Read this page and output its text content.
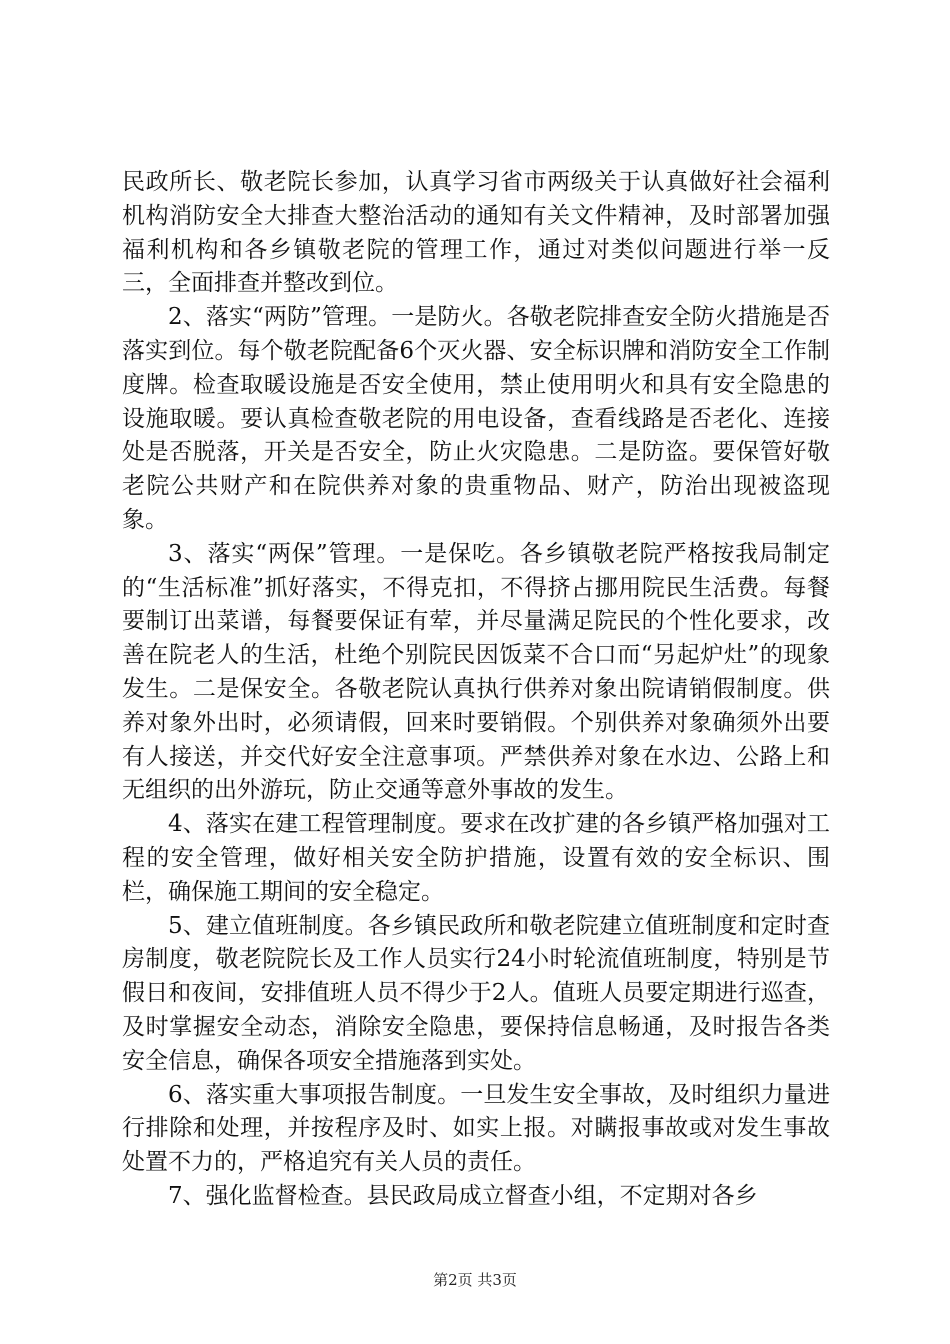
民政所长、敬老院长参加，认真学习省市两级关于认真做好社会福利机构消防安全大排查大整治活动的通知有关文件精神，及时部署加强福利机构和各乡镇敬老院的管理工作，通过对类似问题进行举一反三，全面排查并整改到位。

2、落实“两防”管理。一是防火。各敬老院排查安全防火措施是否落实到位。每个敬老院配备6个灭火器、安全标识牌和消防安全工作制度牌。检查取暖设施是否安全使用，禁止使用明火和具有安全隐患的设施取暖。要认真检查敬老院的用电设备，查看线路是否老化、连接处是否脱落，开关是否安全，防止火灾隐患。二是防盗。要保管好敬老院公共财产和在院供养对象的贵重物品、财产，防治出现被盗现象。

3、落实“两保”管理。一是保吃。各乡镇敬老院严格按我局制定的“生活标准”抓好落实，不得克扣，不得挤占挪用院民生活费。每餐要制订出菜谱，每餐要保证有荤，并尽量满足院民的个性化要求，改善在院老人的生活，杜绝个别院民因饭菜不合口而“另起炉灶”的现象发生。二是保安全。各敬老院认真执行供养对象出院请销假制度。供养对象外出时，必须请假，回来时要销假。个别供养对象确须外出要有人接送，并交代好安全注意事项。严禁供养对象在水边、公路上和无组织的出外游玩，防止交通等意外事故的发生。

4、落实在建工程管理制度。要求在改扩建的各乡镇严格加强对工程的安全管理，做好相关安全防护措施，设置有效的安全标识、围栏，确保施工期间的安全稳定。

5、建立值班制度。各乡镇民政所和敬老院建立值班制度和定时查房制度，敬老院院长及工作人员实行24小时轮流值班制度，特别是节假日和夜间，安排值班人员不得少于2人。值班人员要定期进行巡查，及时掌握安全动态，消除安全隐患，要保持信息畅通，及时报告各类安全信息，确保各项安全措施落到实处。

6、落实重大事项报告制度。一旦发生安全事故，及时组织力量进行排除和处理，并按程序及时、如实上报。对瞒报事故或对发生事故处置不力的，严格追究有关人员的责任。

7、强化监督检查。县民政局成立督查小组，不定期对各乡

第2页 共3页
